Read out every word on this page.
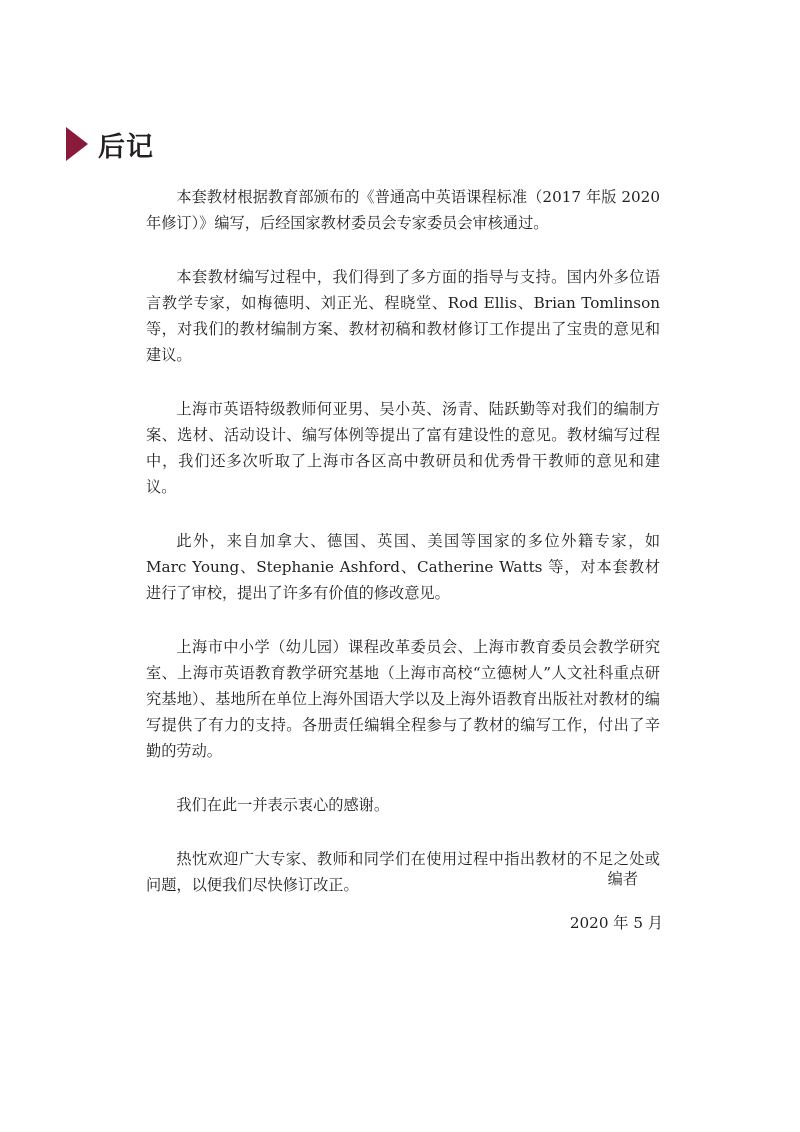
后记

本套教材根据教育部颁布的《普通高中英语课程标准（2017 年版 2020 年修订）》编写，后经国家教材委员会专家委员会审核通过。

本套教材编写过程中，我们得到了多方面的指导与支持。国内外多位语言教学专家，如梅德明、刘正光、程晓堂、Rod Ellis、Brian Tomlinson 等，对我们的教材编制方案、教材初稿和教材修订工作提出了宝贵的意见和建议。

上海市英语特级教师何亚男、吴小英、汤青、陆跃勤等对我们的编制方案、选材、活动设计、编写体例等提出了富有建设性的意见。教材编写过程中，我们还多次听取了上海市各区高中教研员和优秀骨干教师的意见和建议。

此外，来自加拿大、德国、英国、美国等国家的多位外籍专家，如 Marc Young、Stephanie Ashford、Catherine Watts 等，对本套教材进行了审校，提出了许多有价值的修改意见。

上海市中小学（幼儿园）课程改革委员会、上海市教育委员会教学研究室、上海市英语教育教学研究基地（上海市高校“立德树人”人文社科重点研究基地）、基地所在单位上海外国语大学以及上海外语教育出版社对教材的编写提供了有力的支持。各册责任编辑全程参与了教材的编写工作，付出了辛勤的劳动。

我们在此一并表示衷心的感谢。

热忱欢迎广大专家、教师和同学们在使用过程中指出教材的不足之处或问题，以便我们尽快修订改正。	编者
2020 年 5 月
